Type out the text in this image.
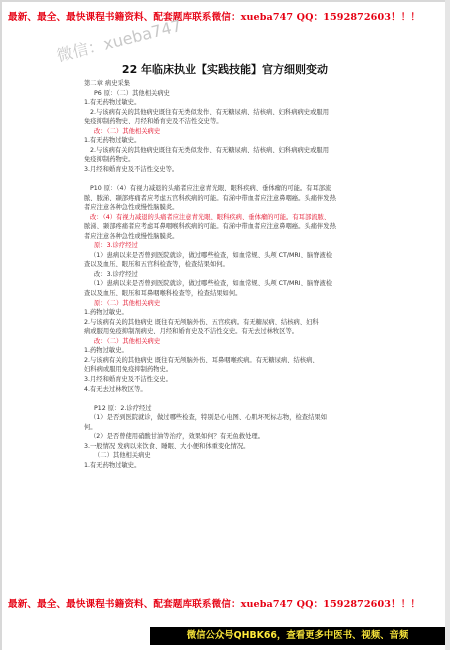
最新、最全、最快课程书籍资料、配套题库联系微信：xueba747 QQ：1592872603！！！
微信：xueba747
22 年临床执业【实践技能】官方细则变动

第二章 病史采集

P6 原：（二）其他相关病史

1.有无药物过敏史。

2.与该病有关的其他病史既往有无类似发作、有无糖尿病、结核病、妇科病病史或服用

免疫抑制药物史、月经和婚育史及不洁性交史等。

改：（二）其他相关病史

1.有无药物过敏史。

2.与该病有关的其他病史既往有无类似发作、有无糖尿病、结核病、妇科病病史或服用

免疫抑制药物史。

3.月经和婚育史及不洁性交史等。

P10 原：（4）有视力减退的头痛者应注意青光眼、眼科疾病、垂体瘤的可能。有耳部流

脓、脓涕、颞部疼痛者应考虑五官科疾病的可能。有涕中带血者应注意鼻咽癌。头痛伴发热

者应注意各种急性或慢性脑膜炎。

改：（4）有视力减退的头痛者应注意青光眼、眼科疾病、垂体瘤的可能。有耳部流脓、

脓涕、颞部疼痛者应考虑耳鼻咽喉科疾病的可能。有涕中带血者应注意鼻咽癌。头痛伴发热

者应注意各种急性或慢性脑膜炎。

原：3.诊疗经过

（1）患病以来是否曾到医院就诊，做过哪些检查，如血常规、头颅 CT/MRI、脑脊液检

查以及血压、眼压和五官科检查等，检查结果如何。

改：3.诊疗经过

（1）患病以来是否曾到医院就诊，做过哪些检查，如血常规、头颅 CT/MRI、脑脊液检

查以及血压、眼压和耳鼻咽喉科检查等，检查结果如何。

原：（二）其他相关病史

1.药物过敏史。

2.与该病有关的其他病史 既往有无颅脑外伤、五官疾病。有无糖尿病、结核病、妇科

病或服用免疫抑制剂病史、月经和婚育史及不洁性交史。有无去过林牧区等。

改：（二）其他相关病史

1.药物过敏史。

2.与该病有关的其他病史 既往有无颅脑外伤、耳鼻咽喉疾病。有无糖尿病、结核病、

妇科病或服用免疫抑制药物史。

3.月经和婚育史及不洁性交史。

4.有无去过林牧区等。

P12 原：2.诊疗经过

（1）是否到医院就诊，做过哪些检查，特别是心电图、心肌坏死标志物，检查结果如

何。

（2）是否曾使用硝酸甘油等治疗，效果如何？有无鱼救处理。

3.一般情况 发病以来饮食、睡眠、大小便和体重变化情况。

（二）其他相关病史

1.有无药物过敏史。

最新、最全、最快课程书籍资料、配套题库联系微信：xueba747 QQ：1592872603！！！
微信公众号QHBK66，查看更多中医书、视频、音频
